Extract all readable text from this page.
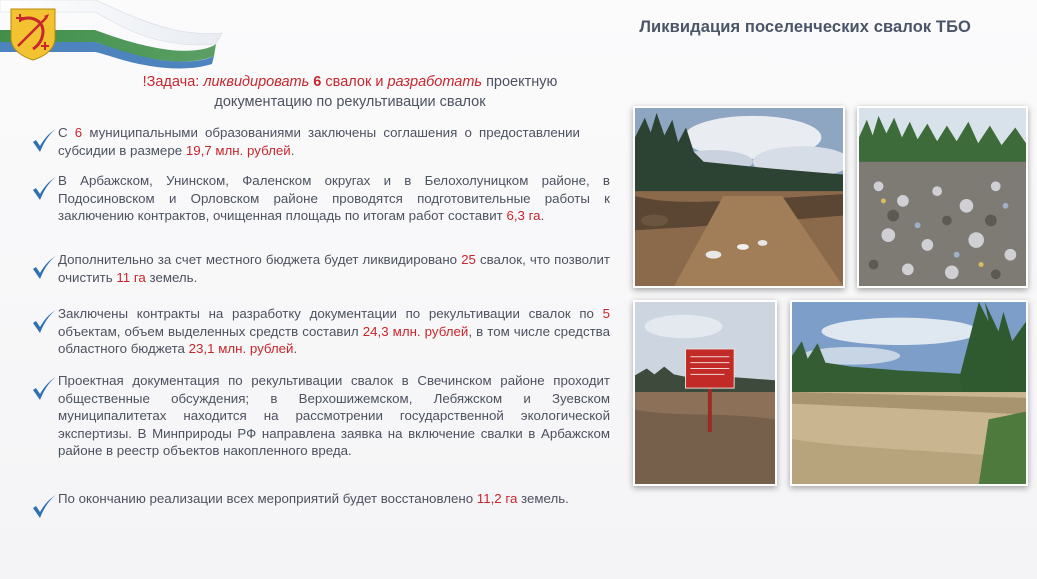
Ликвидация поселенческих свалок ТБО
!Задача: ликвидировать 6 свалок и разработать проектную
документацию по рекультивации свалок
С 6 муниципальными образованиями заключены соглашения о предоставлении субсидии в размере 19,7 млн. рублей.
В Арбажском, Унинском, Фаленском округах и в Белохолуницком районе, в Подосиновском и Орловском районе проводятся подготовительные работы к заключению контрактов, очищенная площадь по итогам работ составит 6,3 га.
Дополнительно за счет местного бюджета будет ликвидировано 25 свалок, что позволит очистить 11 га земель.
Заключены контракты на разработку документации по рекультивации свалок по 5 объектам, объем выделенных средств составил 24,3 млн. рублей, в том числе средства областного бюджета 23,1 млн. рублей.
Проектная документация по рекультивации свалок в Свечинском районе проходит общественные обсуждения; в Верхошижемском, Лебяжском и Зуевском муниципалитетах находится на рассмотрении государственной экологической экспертизы. В Минприроды РФ направлена заявка на включение свалки в Арбажском районе в реестр объектов накопленного вреда.
По окончанию реализации всех мероприятий будет восстановлено 11,2 га земель.
